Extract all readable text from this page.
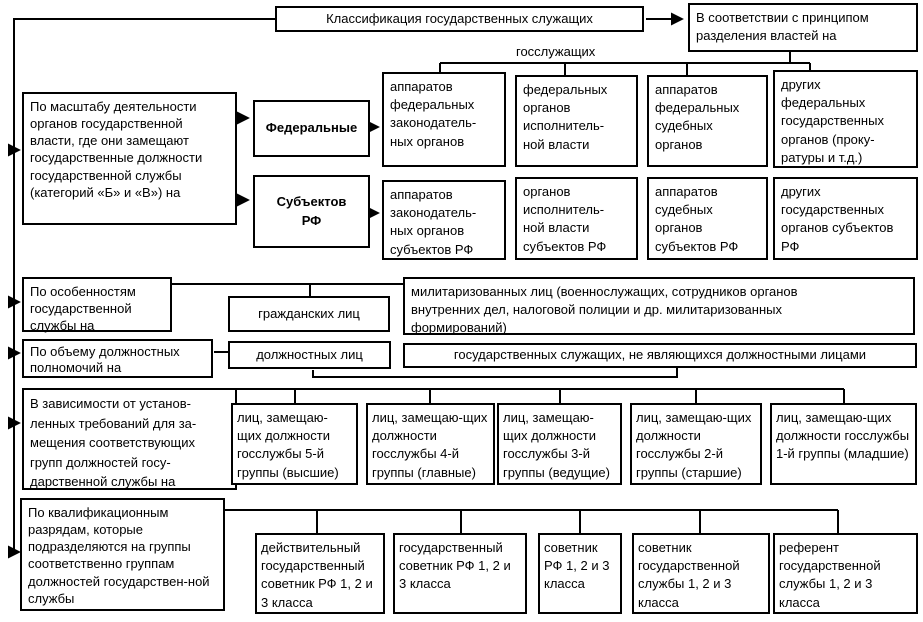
Классификация государственных служащих	В соответствии с принципом разделения властей на
госслужащих
По масштабу деятельности органов государственной власти, где они замещают государственные должности государственной службы (категорий «Б» и «В») на
Федеральные
Субъектов РФ
аппаратов федеральных законодатель-ных органов
федеральных органов исполнитель-ной власти
аппаратов федеральных судебных органов
других федеральных государственных органов (проку-ратуры и т.д.)
аппаратов законодатель-ных органов субъектов РФ
органов исполнитель-ной власти субъектов РФ
аппаратов судебных органов субъектов РФ
других государственных органов субъектов РФ
По особенностям государственной службы на
гражданских лиц
милитаризованных лиц (военнослужащих, сотрудников органов внутренних дел, налоговой полиции и др. милитаризованных формирований)
По объему должностных полномочий на
должностных лиц	государственных служащих, не являющихся должностными лицами
В зависимости от установ-ленных требований для за-мещения соответствующих групп должностей госу-дарственной службы на
лиц, замещаю-щих должности госслужбы 5-й группы (высшие)
лиц, замещаю-щих должности госслужбы 4-й группы (главные)
лиц, замещаю-щих должности госслужбы 3-й группы (ведущие)
лиц, замещаю-щих должности госслужбы 2-й группы (старшие)
лиц, замещаю-щих должности госслужбы 1-й группы (младшие)
По квалификационным разрядам, которые подразделяются на группы соответственно группам должностей государствен-ной службы
действительный государственный советник РФ 1, 2 и 3 класса
государственный советник РФ 1, 2 и 3 класса
советник РФ 1, 2 и 3 класса
советник государственной службы 1, 2 и 3 класса
референт государственной службы 1, 2 и 3 класса
